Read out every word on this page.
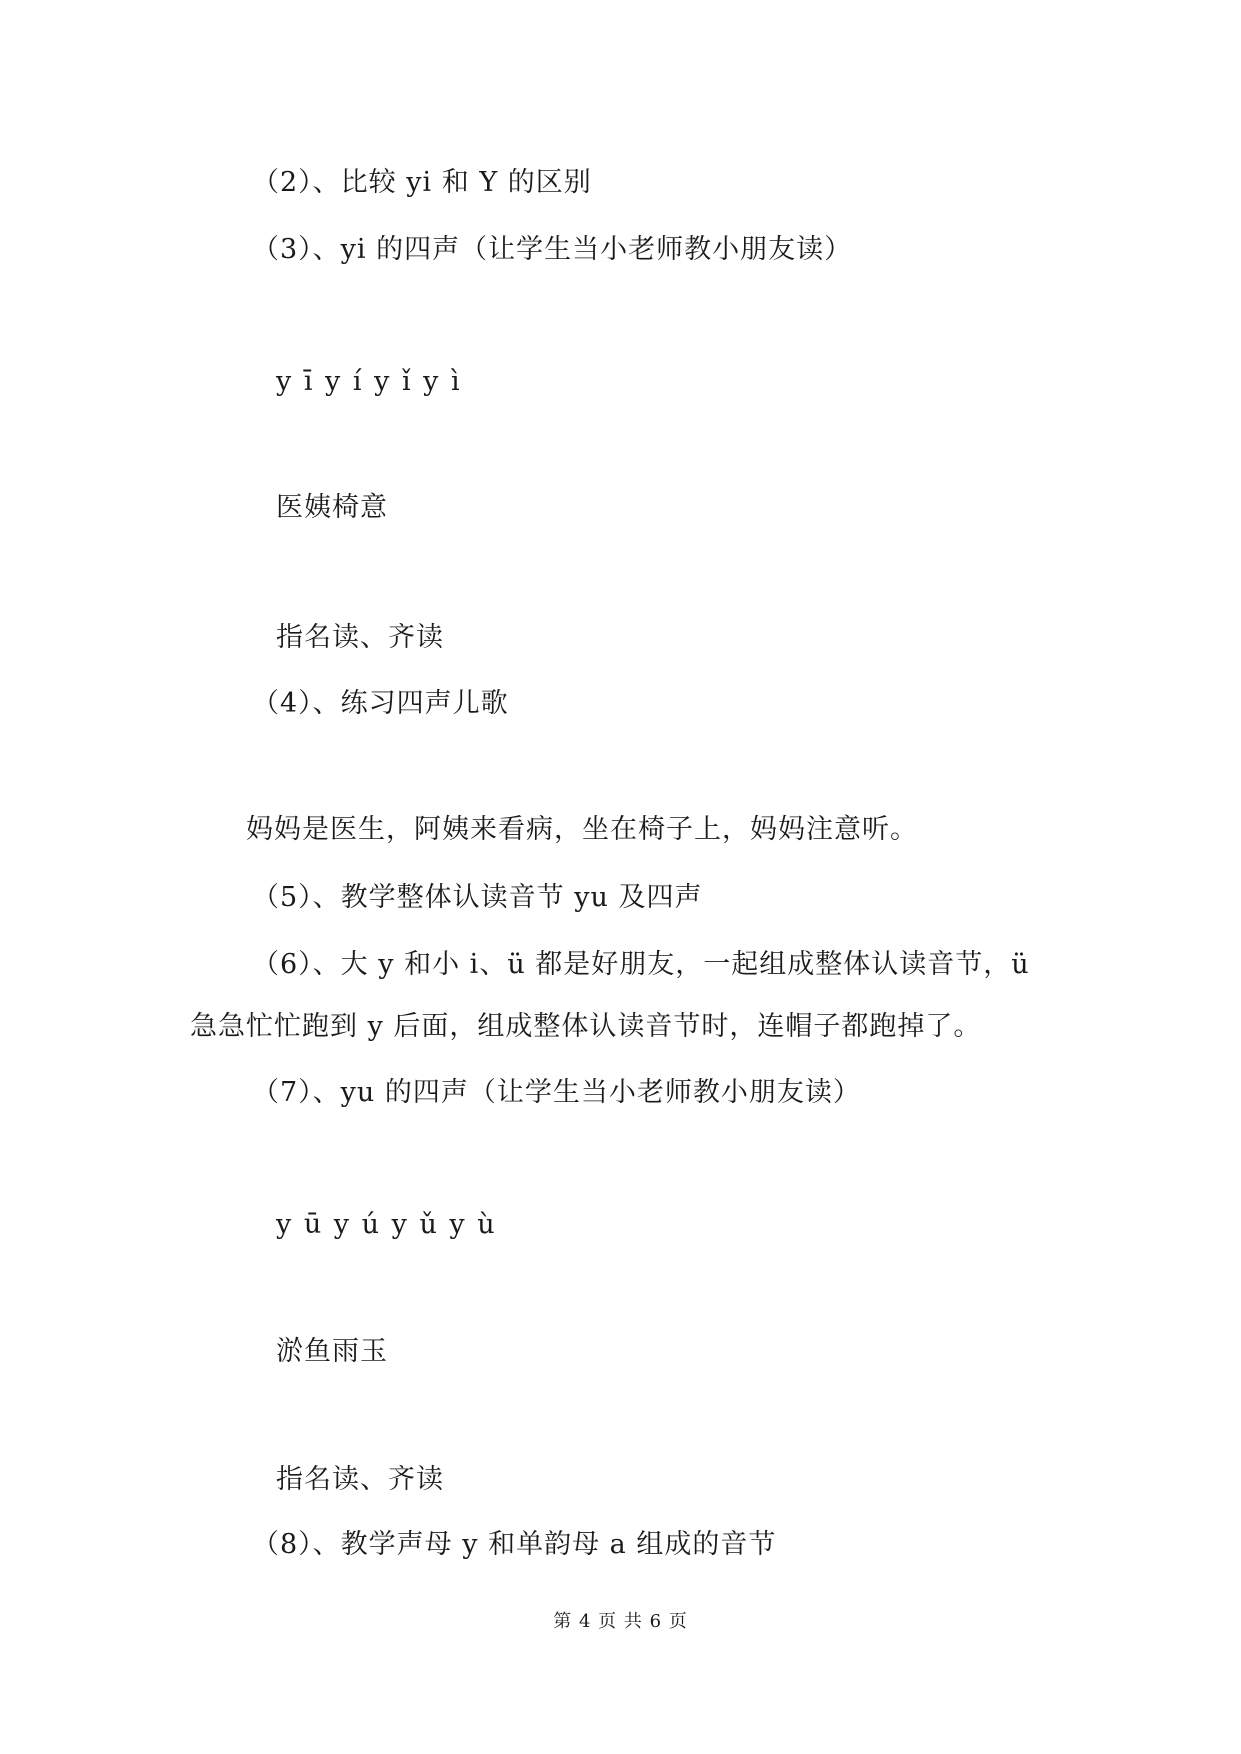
（2）、比较 yi 和 Y 的区别

（3）、yi 的四声（让学生当小老师教小朋友读）

y ī y í y ǐ y ì

医姨椅意

指名读、齐读

（4）、练习四声儿歌

妈妈是医生，阿姨来看病，坐在椅子上，妈妈注意听。

（5）、教学整体认读音节 yu 及四声

（6）、大 y 和小 i、ü 都是好朋友，一起组成整体认读音节，ü

急急忙忙跑到 y 后面，组成整体认读音节时，连帽子都跑掉了。

（7）、yu 的四声（让学生当小老师教小朋友读）

y ū y ú y ǔ y ù

淤鱼雨玉

指名读、齐读

（8）、教学声母 y 和单韵母 a 组成的音节

第 4 页 共 6 页
